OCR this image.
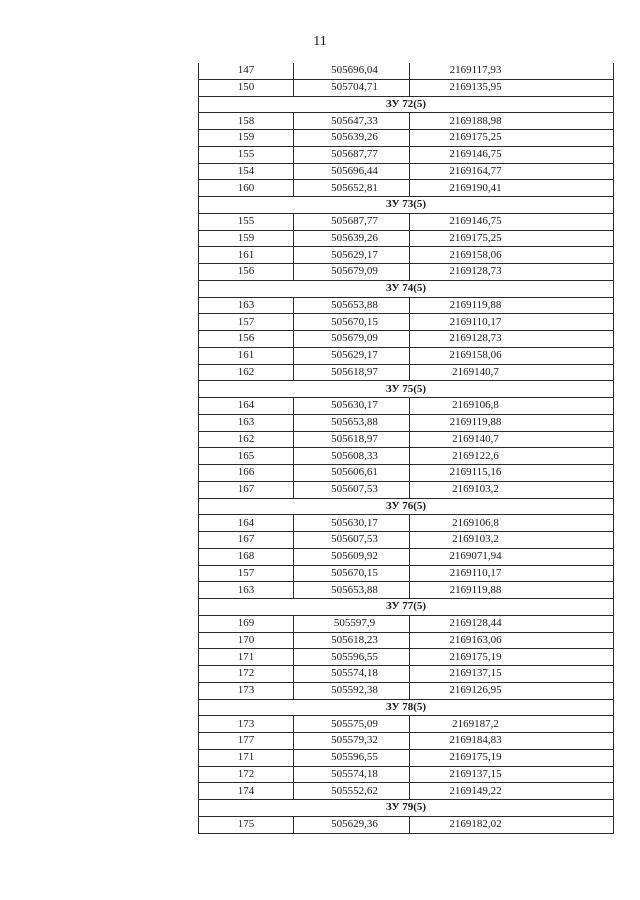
11
147	505696,04	2169117,93
150	505704,71	2169135,95
ЗУ 72(5)		
158	505647,33	2169188,98
159	505639,26	2169175,25
155	505687,77	2169146,75
154	505696,44	2169164,77
160	505652,81	2169190,41
ЗУ 73(5)		
155	505687,77	2169146,75
159	505639,26	2169175,25
161	505629,17	2169158,06
156	505679,09	2169128,73
ЗУ 74(5)		
163	505653,88	2169119,88
157	505670,15	2169110,17
156	505679,09	2169128,73
161	505629,17	2169158,06
162	505618,97	2169140,7
ЗУ 75(5)		
164	505630,17	2169106,8
163	505653,88	2169119,88
162	505618,97	2169140,7
165	505608,33	2169122,6
166	505606,61	2169115,16
167	505607,53	2169103,2
ЗУ 76(5)		
164	505630,17	2169106,8
167	505607,53	2169103,2
168	505609,92	2169071,94
157	505670,15	2169110,17
163	505653,88	2169119,88
ЗУ 77(5)		
169	505597,9	2169128,44
170	505618,23	2169163,06
171	505596,55	2169175,19
172	505574,18	2169137,15
173	505592,38	2169126,95
ЗУ 78(5)		
173	505575,09	2169187,2
177	505579,32	2169184,83
171	505596,55	2169175,19
172	505574,18	2169137,15
174	505552,62	2169149,22
ЗУ 79(5)		
175	505629,36	2169182,02
